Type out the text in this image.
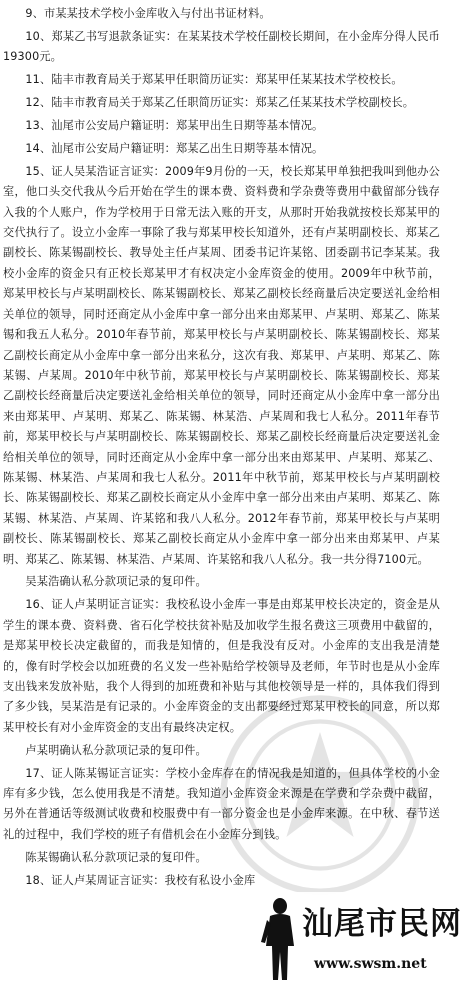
9、市某某技术学校小金库收入与付出书证材料。

10、郑某乙书写退款条证实：在某某技术学校任副校长期间，在小金库分得人民币19300元。

11、陆丰市教育局关于郑某甲任职简历证实：郑某甲任某某技术学校校长。

12、陆丰市教育局关于郑某乙任职简历证实：郑某乙任某某技术学校副校长。

13、汕尾市公安局户籍证明：郑某甲出生日期等基本情况。

14、汕尾市公安局户籍证明：郑某乙出生日期等基本情况。

15、证人吴某浩证言证实：2009年9月份的一天，校长郑某甲单独把我叫到他办公室，他口头交代我从今后开始在学生的课本费、资料费和学杂费等费用中截留部分钱存入我的个人账户，作为学校用于日常无法入账的开支，从那时开始我就按校长郑某甲的交代执行了。设立小金库一事除了我与郑某甲校长知道外，还有卢某明副校长、郑某乙副校长、陈某锡副校长、教导处主任卢某周、团委书记许某铭、团委副书记李某某。我校小金库的资金只有正校长郑某甲才有权决定小金库资金的使用。2009年中秋节前，郑某甲校长与卢某明副校长、陈某锡副校长、郑某乙副校长经商量后决定要送礼金给相关单位的领导，同时还商定从小金库中拿一部分出来由郑某甲、卢某明、郑某乙、陈某锡和我五人私分。2010年春节前，郑某甲校长与卢某明副校长、陈某锡副校长、郑某乙副校长商定从小金库中拿一部分出来私分，这次有我、郑某甲、卢某明、郑某乙、陈某锡、卢某周。2010年中秋节前，郑某甲校长与卢某明副校长、陈某锡副校长、郑某乙副校长经商量后决定要送礼金给相关单位的领导，同时还商定从小金库中拿一部分出来由郑某甲、卢某明、郑某乙、陈某锡、林某浩、卢某周和我七人私分。2011年春节前，郑某甲校长与卢某明副校长、陈某锡副校长、郑某乙副校长经商量后决定要送礼金给相关单位的领导，同时还商定从小金库中拿一部分出来由郑某甲、卢某明、郑某乙、陈某锡、林某浩、卢某周和我七人私分。2011年中秋节前，郑某甲校长与卢某明副校长、陈某锡副校长、郑某乙副校长商定从小金库中拿一部分出来由卢某明、郑某乙、陈某锡、林某浩、卢某周、许某铭和我八人私分。2012年春节前，郑某甲校长与卢某明副校长、陈某锡副校长、郑某乙副校长商定从小金库中拿一部分出来由郑某甲、卢某明、郑某乙、陈某锡、林某浩、卢某周、许某铭和我八人私分。我一共分得7100元。

吴某浩确认私分款项记录的复印件。

16、证人卢某明证言证实：我校私设小金库一事是由郑某甲校长决定的，资金是从学生的课本费、资料费、省石化学校扶贫补贴及加收学生报名费这三项费用中截留的，是郑某甲校长决定截留的，而我是知情的，但是我没有反对。小金库的支出我是清楚的，像有时学校会以加班费的名义发一些补贴给学校领导及老师，年节时也是从小金库支出钱来发放补贴，我个人得到的加班费和补贴与其他校领导是一样的，具体我们得到了多少钱，吴某浩是有记录的。小金库资金的支出都要经过郑某甲校长的同意，所以郑某甲校长有对小金库资金的支出有最终决定权。

卢某明确认私分款项记录的复印件。

17、证人陈某锡证言证实：学校小金库存在的情况我是知道的，但具体学校的小金库有多少钱，怎么使用我是不清楚。我知道小金库资金来源是在学费和学杂费中截留，另外在普通话等级测试收费和校服费中有一部分资金也是小金库来源。在中秋、春节送礼的过程中，我们学校的班子有借机会在小金库分到钱。

陈某锡确认私分款项记录的复印件。

18、证人卢某周证言证实：我校有私设小金库

汕尾市民网
www.swsm.net
